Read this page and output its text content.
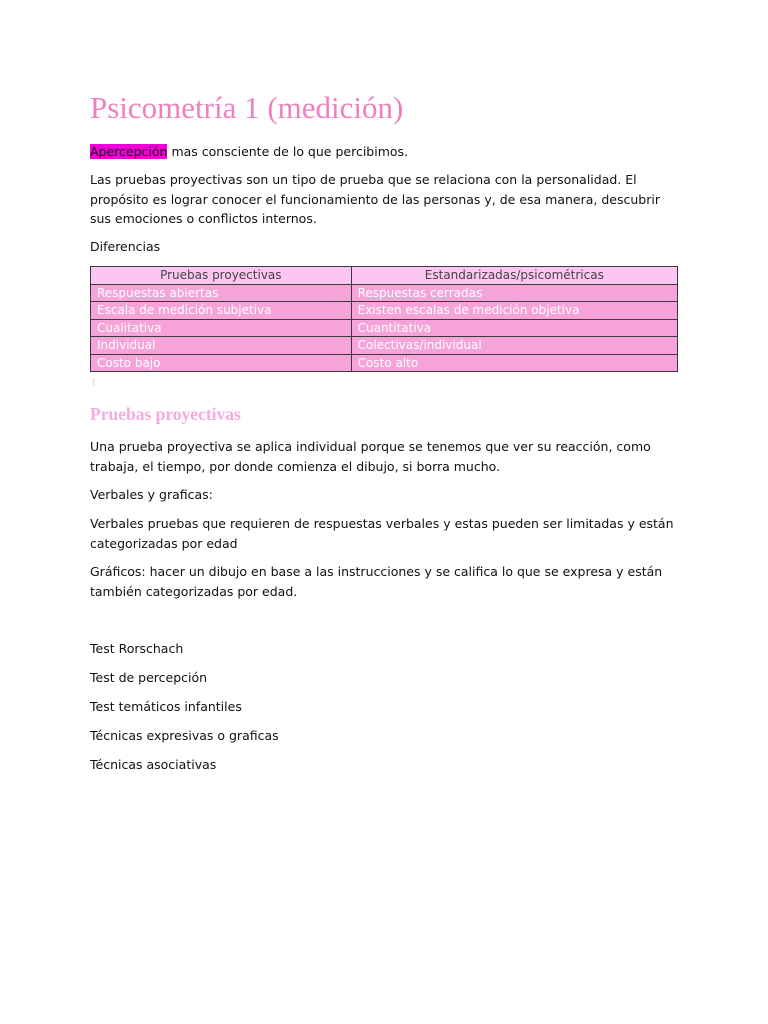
Psicometría 1 (medición)
Apercepción mas consciente de lo que percibimos.
Las pruebas proyectivas son un tipo de prueba que se relaciona con la personalidad. El propósito es lograr conocer el funcionamiento de las personas y, de esa manera, descubrir sus emociones o conflictos internos.
Diferencias
Pruebas proyectivas	Estandarizadas/psicométricas
Respuestas abiertas	Respuestas cerradas
Escala de medición subjetiva	Existen escalas de medición objetiva
Cualitativa	Cuantitativa
Individual	Colectivas/individual
Costo bajo	Costo alto
(
Pruebas proyectivas
Una prueba proyectiva se aplica individual porque se tenemos que ver su reacción, como trabaja, el tiempo, por donde comienza el dibujo, si borra mucho.
Verbales y graficas:
Verbales pruebas que requieren de respuestas verbales y estas pueden ser limitadas y están categorizadas por edad
Gráficos: hacer un dibujo en base a las instrucciones y se califica lo que se expresa y están también categorizadas por edad.
Test Rorschach
Test de percepción
Test temáticos infantiles
Técnicas expresivas o graficas
Técnicas asociativas
